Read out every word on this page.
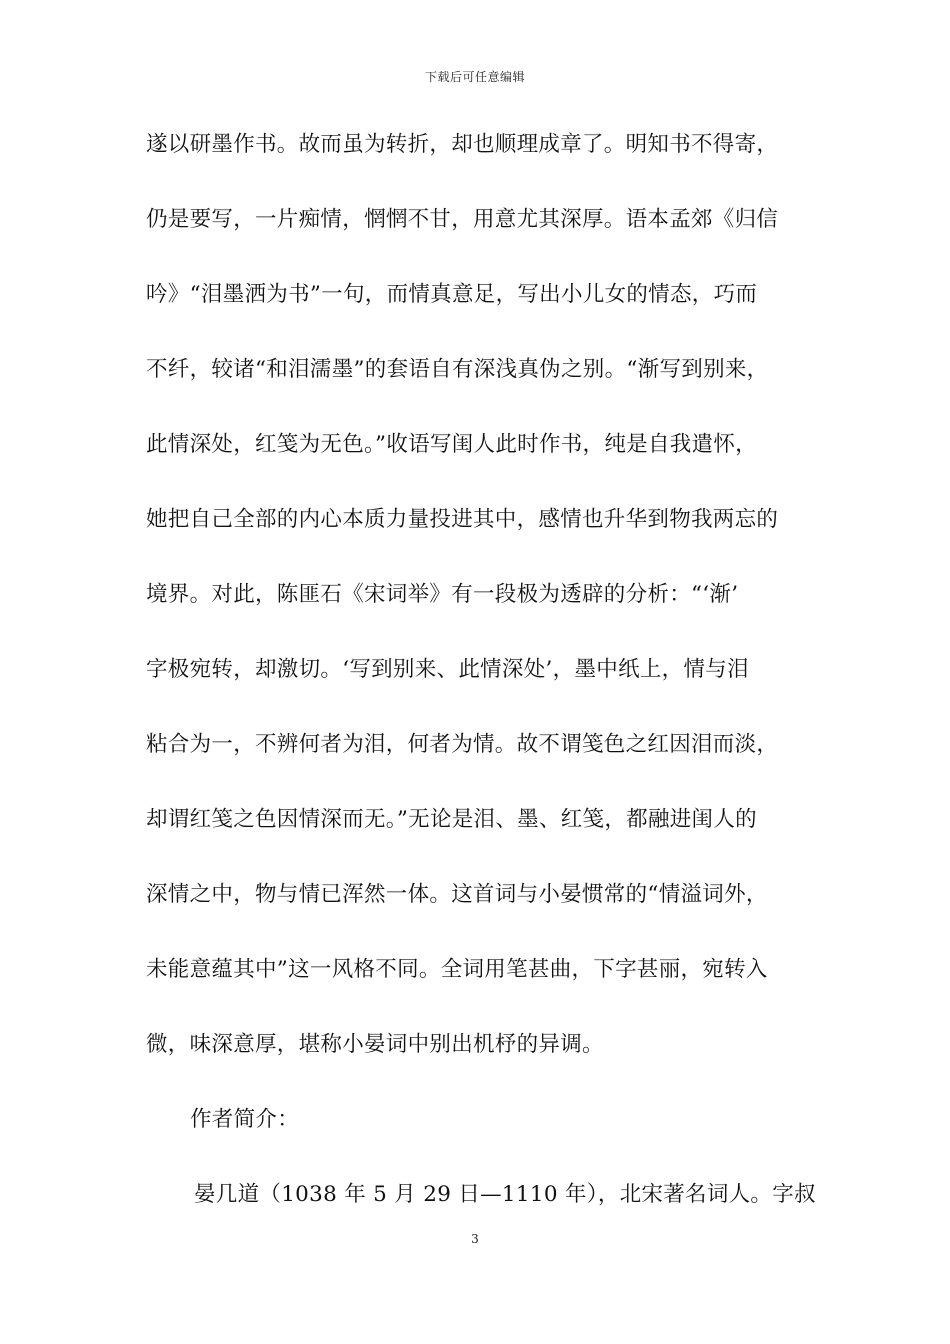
下载后可任意编辑
遂以研墨作书。故而虽为转折，却也顺理成章了。明知书不得寄，
仍是要写，一片痴情，惘惘不甘，用意尤其深厚。语本孟郊《归信
吟》“泪墨洒为书”一句，而情真意足，写出小儿女的情态，巧而
不纤，较诸“和泪濡墨”的套语自有深浅真伪之别。“渐写到别来，
此情深处，红笺为无色。”收语写闺人此时作书，纯是自我遣怀，
她把自己全部的内心本质力量投进其中，感情也升华到物我两忘的
境界。对此，陈匪石《宋词举》有一段极为透辟的分析：“‘渐’
字极宛转，却激切。‘写到别来、此情深处’，墨中纸上，情与泪
粘合为一，不辨何者为泪，何者为情。故不谓笺色之红因泪而淡，
却谓红笺之色因情深而无。”无论是泪、墨、红笺，都融进闺人的
深情之中，物与情已浑然一体。这首词与小晏惯常的“情溢词外，
未能意蕴其中”这一风格不同。全词用笔甚曲，下字甚丽，宛转入
微，味深意厚，堪称小晏词中别出机杼的异调。
作者简介：
晏几道（1038 年 5 月 29 日—1110 年），北宋著名词人。字叔
3
